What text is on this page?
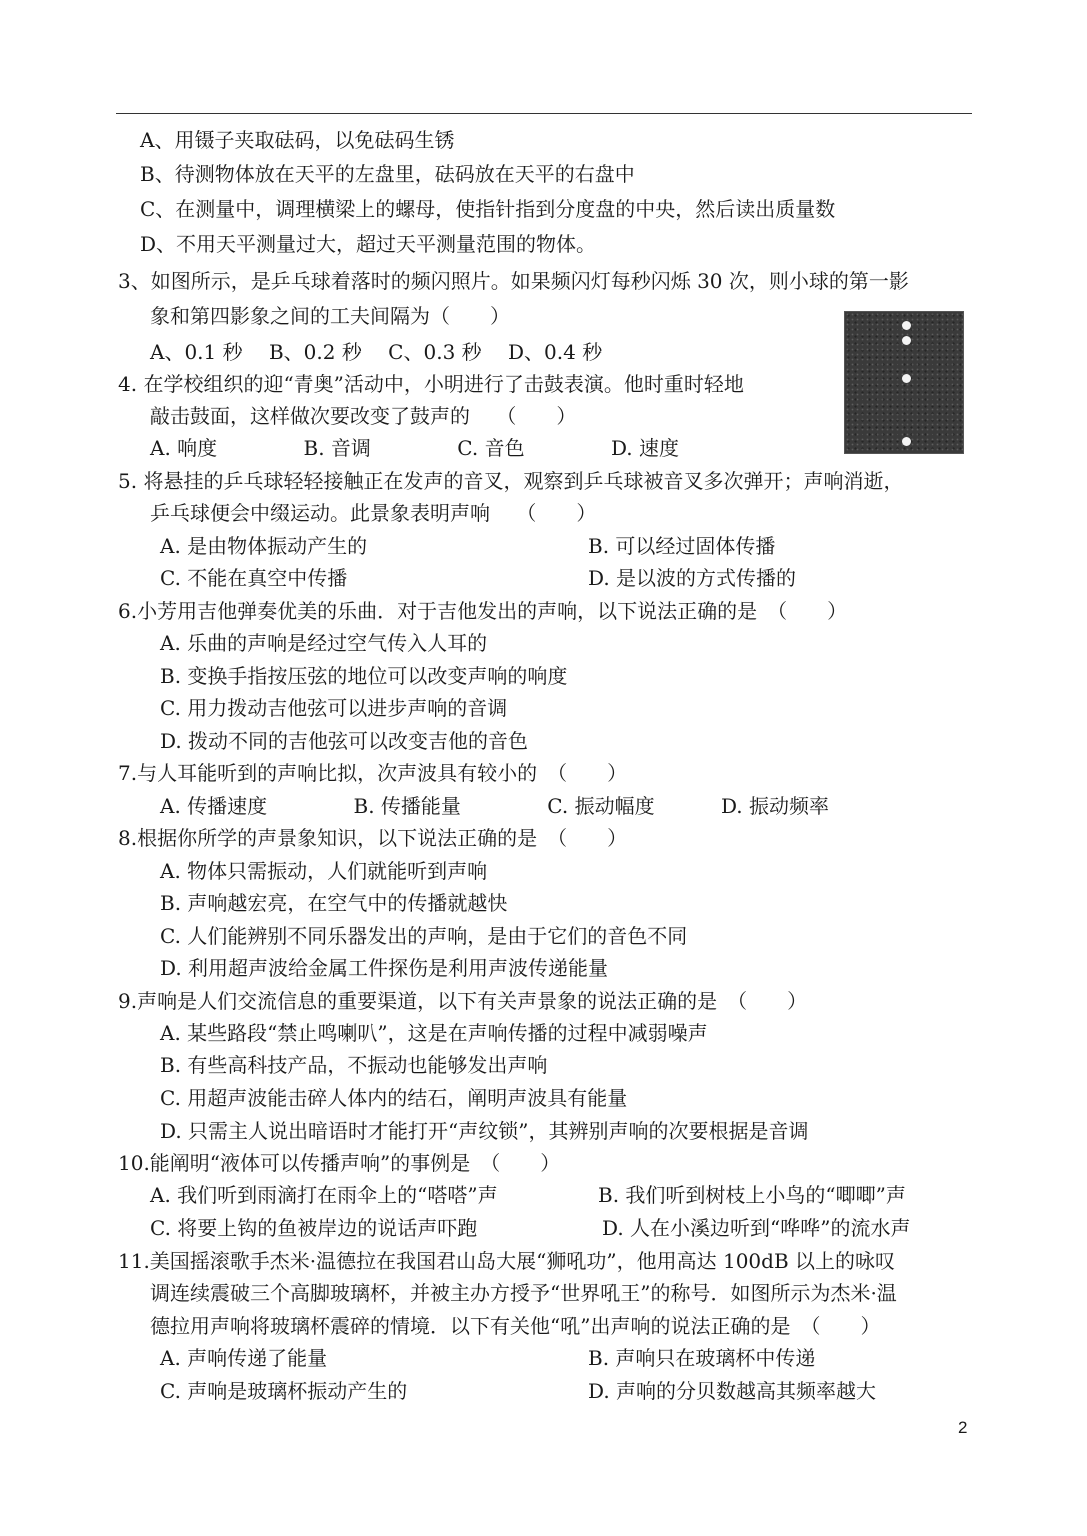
A、用镊子夹取砝码，以免砝码生锈
B、待测物体放在天平的左盘里，砝码放在天平的右盘中
C、在测量中，调理横梁上的螺母，使指针指到分度盘的中央，然后读出质量数
D、不用天平测量过大，超过天平测量范围的物体。
3、如图所示，是乒乓球着落时的频闪照片。如果频闪灯每秒闪烁 30 次，则小球的第一影
象和第四影象之间的工夫间隔为（　　）
A、0.1 秒　 B、0.2 秒　 C、0.3 秒　 D、0.4 秒
4. 在学校组织的迎“青奥”活动中，小明进行了击鼓表演。他时重时轻地
敲击鼓面，这样做次要改变了鼓声的　 （　　）
A. 响度　　　　 B. 音调　　　　 C. 音色　　　　 D. 速度
5. 将悬挂的乒乓球轻轻接触正在发声的音叉，观察到乒乓球被音叉多次弹开；声响消逝，
乒乓球便会中缀运动。此景象表明声响　 （　　）
A. 是由物体振动产生的	B. 可以经过固体传播
C. 不能在真空中传播	D. 是以波的方式传播的
6.小芳用吉他弹奏优美的乐曲．对于吉他发出的声响，以下说法正确的是　（　　）
A. 乐曲的声响是经过空气传入人耳的
B. 变换手指按压弦的地位可以改变声响的响度
C. 用力拨动吉他弦可以进步声响的音调
D. 拨动不同的吉他弦可以改变吉他的音色
7.与人耳能听到的声响比拟，次声波具有较小的　（　　）
A. 传播速度　　　　 B. 传播能量　　　　 C. 振动幅度　　　 D. 振动频率
8.根据你所学的声景象知识，以下说法正确的是　（　　）
A. 物体只需振动，人们就能听到声响
B. 声响越宏亮，在空气中的传播就越快
C. 人们能辨别不同乐器发出的声响，是由于它们的音色不同
D. 利用超声波给金属工件探伤是利用声波传递能量
9.声响是人们交流信息的重要渠道，以下有关声景象的说法正确的是　（　　）
A. 某些路段“禁止鸣喇叭”，这是在声响传播的过程中减弱噪声
B. 有些高科技产品，不振动也能够发出声响
C. 用超声波能击碎人体内的结石，阐明声波具有能量
D. 只需主人说出暗语时才能打开“声纹锁”，其辨别声响的次要根据是音调
10.能阐明“液体可以传播声响”的事例是　（　　）
A. 我们听到雨滴打在雨伞上的“嗒嗒”声	B. 我们听到树枝上小鸟的“唧唧”声
C. 将要上钩的鱼被岸边的说话声吓跑	D. 人在小溪边听到“哗哗”的流水声
11.美国摇滚歌手杰米·温德拉在我国君山岛大展“狮吼功”，他用高达 100dB 以上的咏叹
调连续震破三个高脚玻璃杯，并被主办方授予“世界吼王”的称号．如图所示为杰米·温
德拉用声响将玻璃杯震碎的情境．以下有关他“吼”出声响的说法正确的是　（　　）
A. 声响传递了能量	B. 声响只在玻璃杯中传递
C. 声响是玻璃杯振动产生的	D. 声响的分贝数越高其频率越大
2
